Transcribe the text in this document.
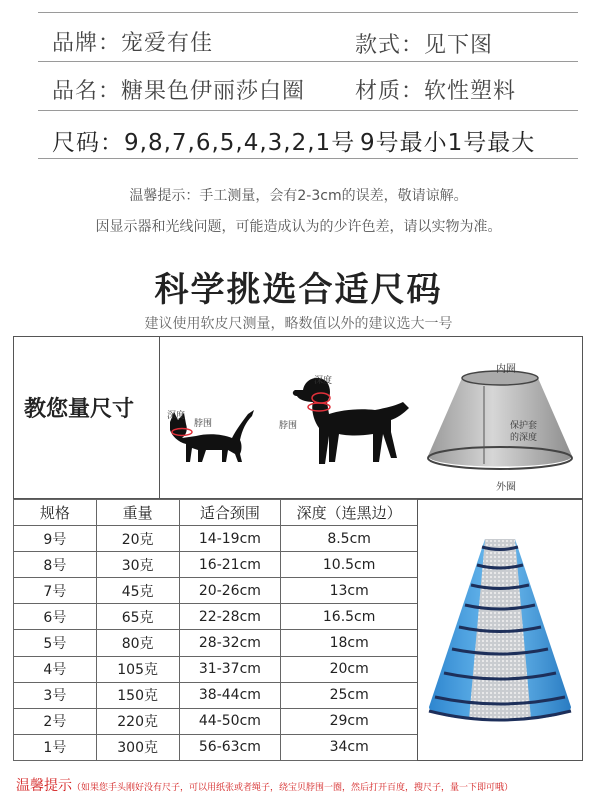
品牌：宠爱有佳	款式：见下图
品名：糖果色伊丽莎白圈 材质：软性塑料
尺码：9,8,7,6,5,4,3,2,1号 9号最小1号最大
温馨提示：手工测量，会有2-3cm的误差，敬请谅解。
因显示器和光线问题，可能造成认为的少许色差，请以实物为准。
科学挑选合适尺码
建议使用软皮尺测量，略数值以外的建议选大一号
教您量尺寸	深度
脖围
深度
脖围
内圈
保护套
的深度
外圈
规格	重量	适合颈围	深度（连黑边）
9号	20克	14-19cm	8.5cm
8号	30克	16-21cm	10.5cm
7号	45克	20-26cm	13cm
6号	65克	22-28cm	16.5cm
5号	80克	28-32cm	18cm
4号	105克	31-37cm	20cm
3号	150克	38-44cm	25cm
2号	220克	44-50cm	29cm
1号	300克	56-63cm	34cm
温馨提示（如果您手头刚好没有尺子，可以用纸张或者绳子，绕宝贝脖围一圈，然后打开百度，搜尺子，量一下即可哦）
